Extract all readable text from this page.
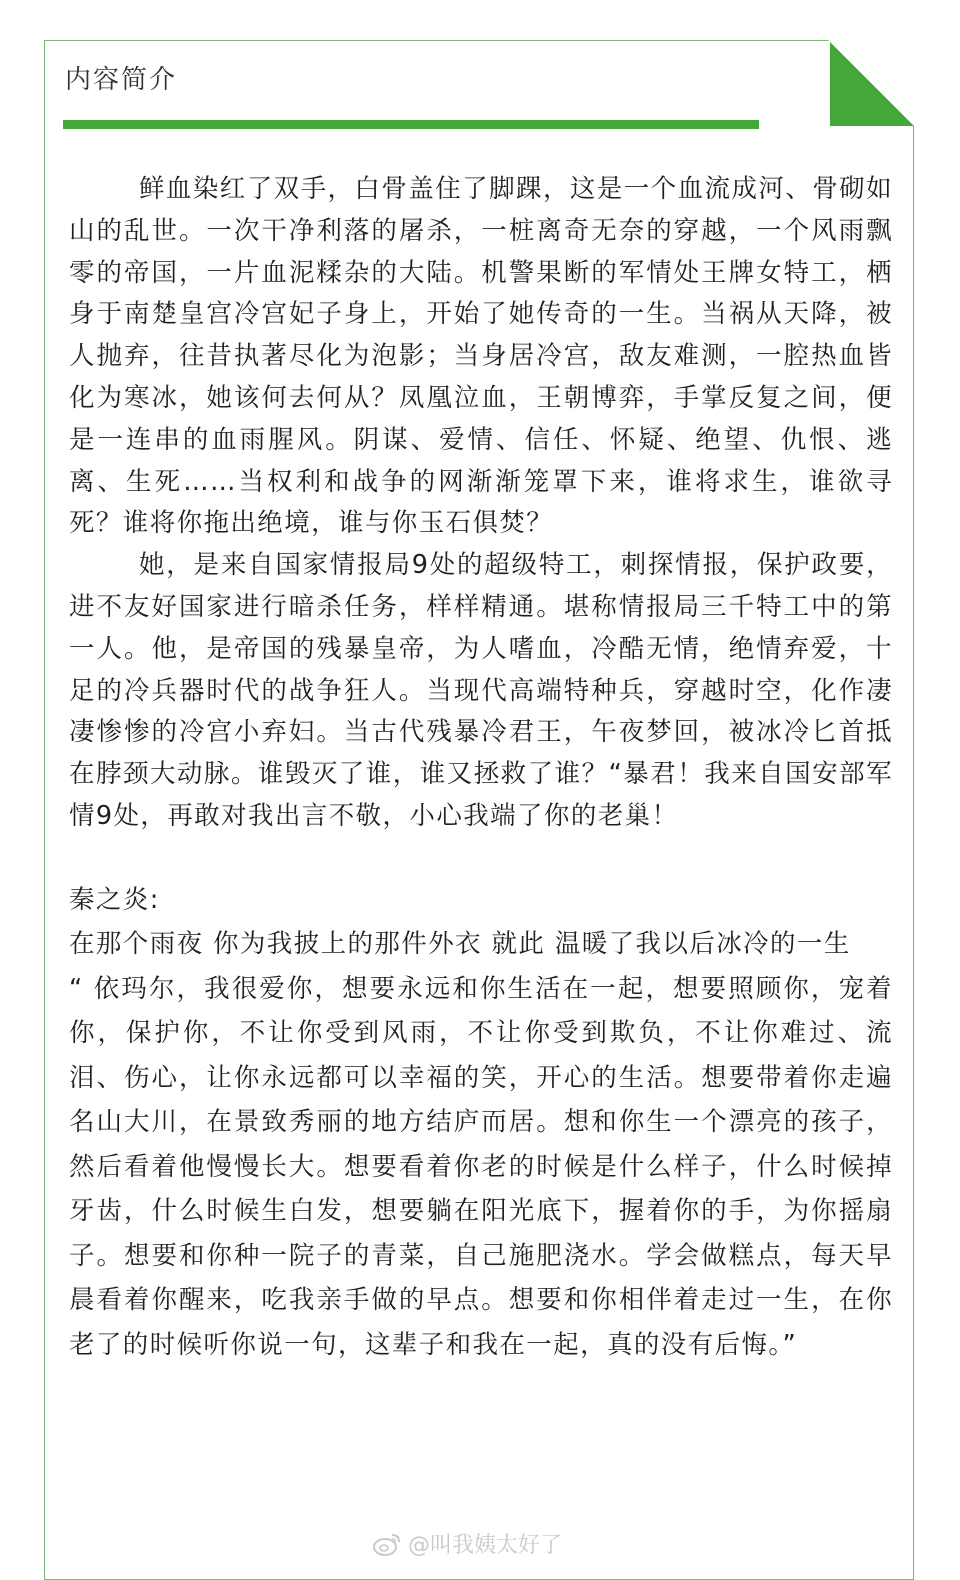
内容简介

鲜血染红了双手，白骨盖住了脚踝，这是一个血流成河、骨砌如山的乱世。一次干净利落的屠杀，一桩离奇无奈的穿越，一个风雨飘零的帝国，一片血泥糅杂的大陆。机警果断的军情处王牌女特工，栖身于南楚皇宫冷宫妃子身上，开始了她传奇的一生。当祸从天降，被人抛弃，往昔执著尽化为泡影；当身居冷宫，敌友难测，一腔热血皆化为寒冰，她该何去何从？凤凰泣血，王朝博弈，手掌反复之间，便是一连串的血雨腥风。阴谋、爱情、信任、怀疑、绝望、仇恨、逃离、生死……当权利和战争的网渐渐笼罩下来，谁将求生，谁欲寻死？谁将你拖出绝境，谁与你玉石俱焚？

她，是来自国家情报局9处的超级特工，刺探情报，保护政要，进不友好国家进行暗杀任务，样样精通。堪称情报局三千特工中的第一人。他，是帝国的残暴皇帝，为人嗜血，冷酷无情，绝情弃爱，十足的冷兵器时代的战争狂人。当现代高端特种兵，穿越时空，化作凄凄惨惨的冷宫小弃妇。当古代残暴冷君王，午夜梦回，被冰冷匕首抵在脖颈大动脉。谁毁灭了谁，谁又拯救了谁？“暴君！我来自国安部军情9处，再敢对我出言不敬，小心我端了你的老巢！

秦之炎:

在那个雨夜 你为我披上的那件外衣 就此 温暖了我以后冰冷的一生

“ 依玛尔，我很爱你，想要永远和你生活在一起，想要照顾你，宠着你，保护你，不让你受到风雨，不让你受到欺负，不让你难过、流泪、伤心，让你永远都可以幸福的笑，开心的生活。想要带着你走遍名山大川，在景致秀丽的地方结庐而居。想和你生一个漂亮的孩子，然后看着他慢慢长大。想要看着你老的时候是什么样子，什么时候掉牙齿，什么时候生白发，想要躺在阳光底下，握着你的手，为你摇扇子。想要和你种一院子的青菜，自己施肥浇水。学会做糕点，每天早晨看着你醒来，吃我亲手做的早点。想要和你相伴着走过一生，在你老了的时候听你说一句，这辈子和我在一起，真的没有后悔。”

@叫我姨太好了
